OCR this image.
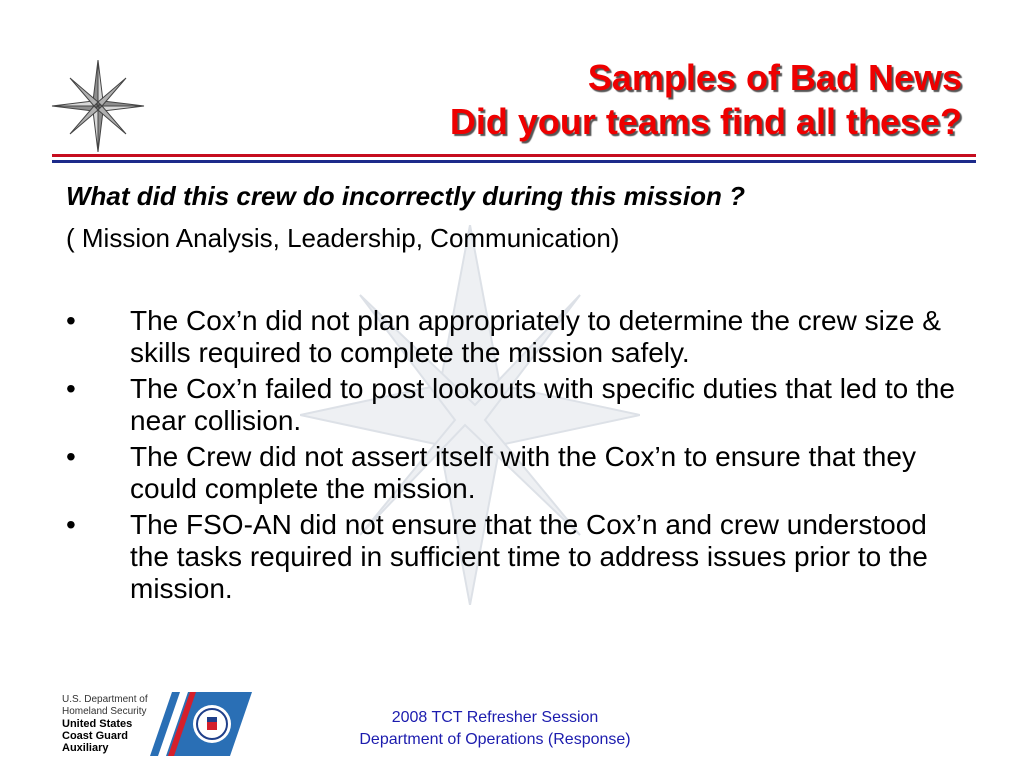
Samples of Bad News
Did your teams find all these?
What did this crew do incorrectly during this mission ?
( Mission Analysis, Leadership, Communication)
• The Cox’n did not plan appropriately to determine the crew size & skills required to complete the mission safely.
• The Cox’n failed to post lookouts with specific duties that led to the near collision.
• The Crew did not assert itself with the Cox’n to ensure that they could complete the mission.
• The FSO-AN did not ensure that the Cox’n and crew understood the tasks required in sufficient time to address issues prior to the mission.
U.S. Department of
Homeland Security
United States
Coast Guard
Auxiliary
2008 TCT Refresher Session
Department of Operations (Response)
